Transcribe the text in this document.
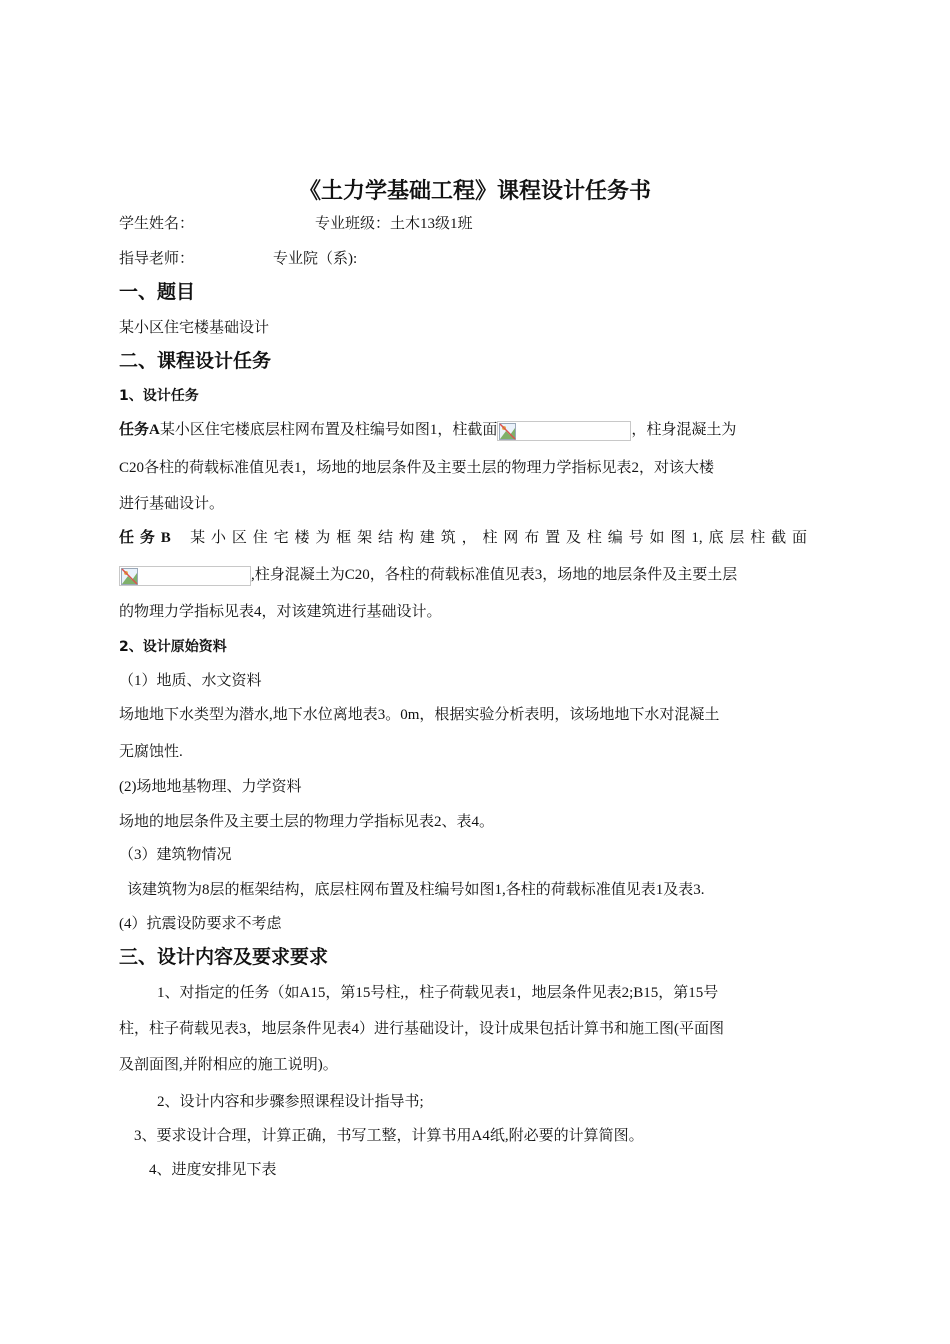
《土力学基础工程》课程设计任务书
学生姓名：	专业班级：土木13级1班
指导老师：	专业院（系):
一、题目
某小区住宅楼基础设计
二、课程设计任务
1、设计任务
任务A某小区住宅楼底层柱网布置及柱编号如图1，柱截面	，柱身混凝土为
C20各柱的荷载标准值见表1，场地的地层条件及主要土层的物理力学指标见表2，对该大楼
进行基础设计。
任务B 某小区住宅楼为框架结构建筑，柱网布置及柱编号如图1,底层柱截面
,柱身混凝土为C20，各柱的荷载标准值见表3，场地的地层条件及主要土层
的物理力学指标见表4，对该建筑进行基础设计。
2、设计原始资料
（1）地质、水文资料
场地地下水类型为潜水,地下水位离地表3。0m，根据实验分析表明，该场地地下水对混凝土
无腐蚀性.
(2)场地地基物理、力学资料
场地的地层条件及主要土层的物理力学指标见表2、表4。
（3）建筑物情况
该建筑物为8层的框架结构，底层柱网布置及柱编号如图1,各柱的荷载标准值见表1及表3.
(4）抗震设防要求不考虑
三、设计内容及要求要求
1、对指定的任务（如A15，第15号柱,，柱子荷载见表1，地层条件见表2;B15，第15号
柱，柱子荷载见表3，地层条件见表4）进行基础设计，设计成果包括计算书和施工图(平面图
及剖面图,并附相应的施工说明)。
2、设计内容和步骤参照课程设计指导书;
3、要求设计合理，计算正确，书写工整，计算书用A4纸,附必要的计算简图。
4、进度安排见下表
